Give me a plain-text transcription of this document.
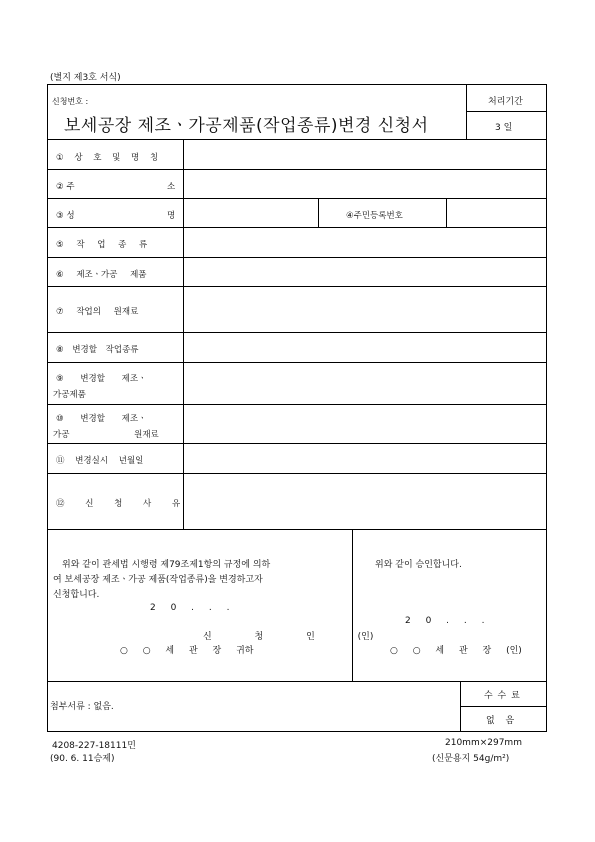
(별지 제3호 서식)
신청번호 :
보세공장 제조ㆍ가공제품(작업종류)변경 신청서
처리기간
3 일
① 상 호 및 명 칭
② 주	소
③ 성	명	④주민등록번호
⑤ 작 업 종 류
⑥ 제조ㆍ가공 제품
⑦ 작업의 원재료
⑧ 변경할 작업종류
⑨ 변경할 제조ㆍ
가공제품
⑩ 변경할 제조ㆍ
가공 원재료
⑪ 변경실시 년월일
⑫ 신 청 사 유
위와 같이 관세법 시행령 제79조제1항의 규정에 의하
여 보세공장 제조ㆍ가공 제품(작업종류)을 변경하고자
신청합니다.
2 0 . . .
신 청 인 (인)
○ ○ 세 관 장 귀하
위와 같이 승인합니다.
2 0 . . .
○ ○ 세 관 장 (인)
첨부서류 : 없음.
수 수 료
없 음
4208-227-18111민
(90. 6. 11승제)
210mm×297mm
(신문용지 54g/m²)
